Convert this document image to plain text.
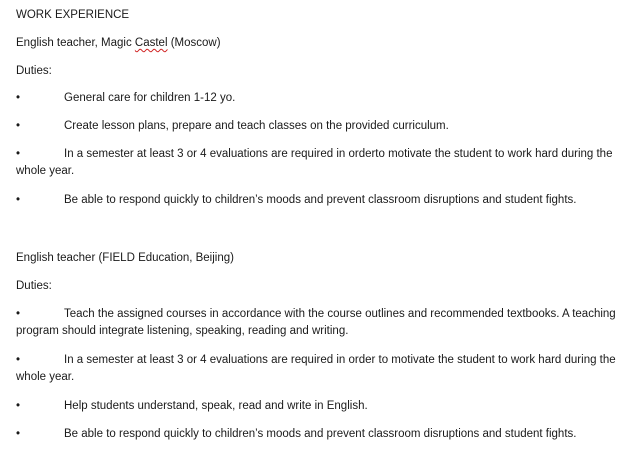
WORK EXPERIENCE
English teacher, Magic Castel (Moscow)
Duties:
•	General care for children 1-12 yo.
•	Create lesson plans, prepare and teach classes on the provided curriculum.
•	In a semester at least 3 or 4 evaluations are required in orderto motivate the student to work hard during the whole year.
•	Be able to respond quickly to children’s moods and prevent classroom disruptions and student fights.
English teacher (FIELD Education, Beijing)
Duties:
•	Teach the assigned courses in accordance with the course outlines and recommended textbooks. A teaching program should integrate listening, speaking, reading and writing.
•	In a semester at least 3 or 4 evaluations are required in order to motivate the student to work hard during the whole year.
•	Help students understand, speak, read and write in English.
•	Be able to respond quickly to children’s moods and prevent classroom disruptions and student fights.
